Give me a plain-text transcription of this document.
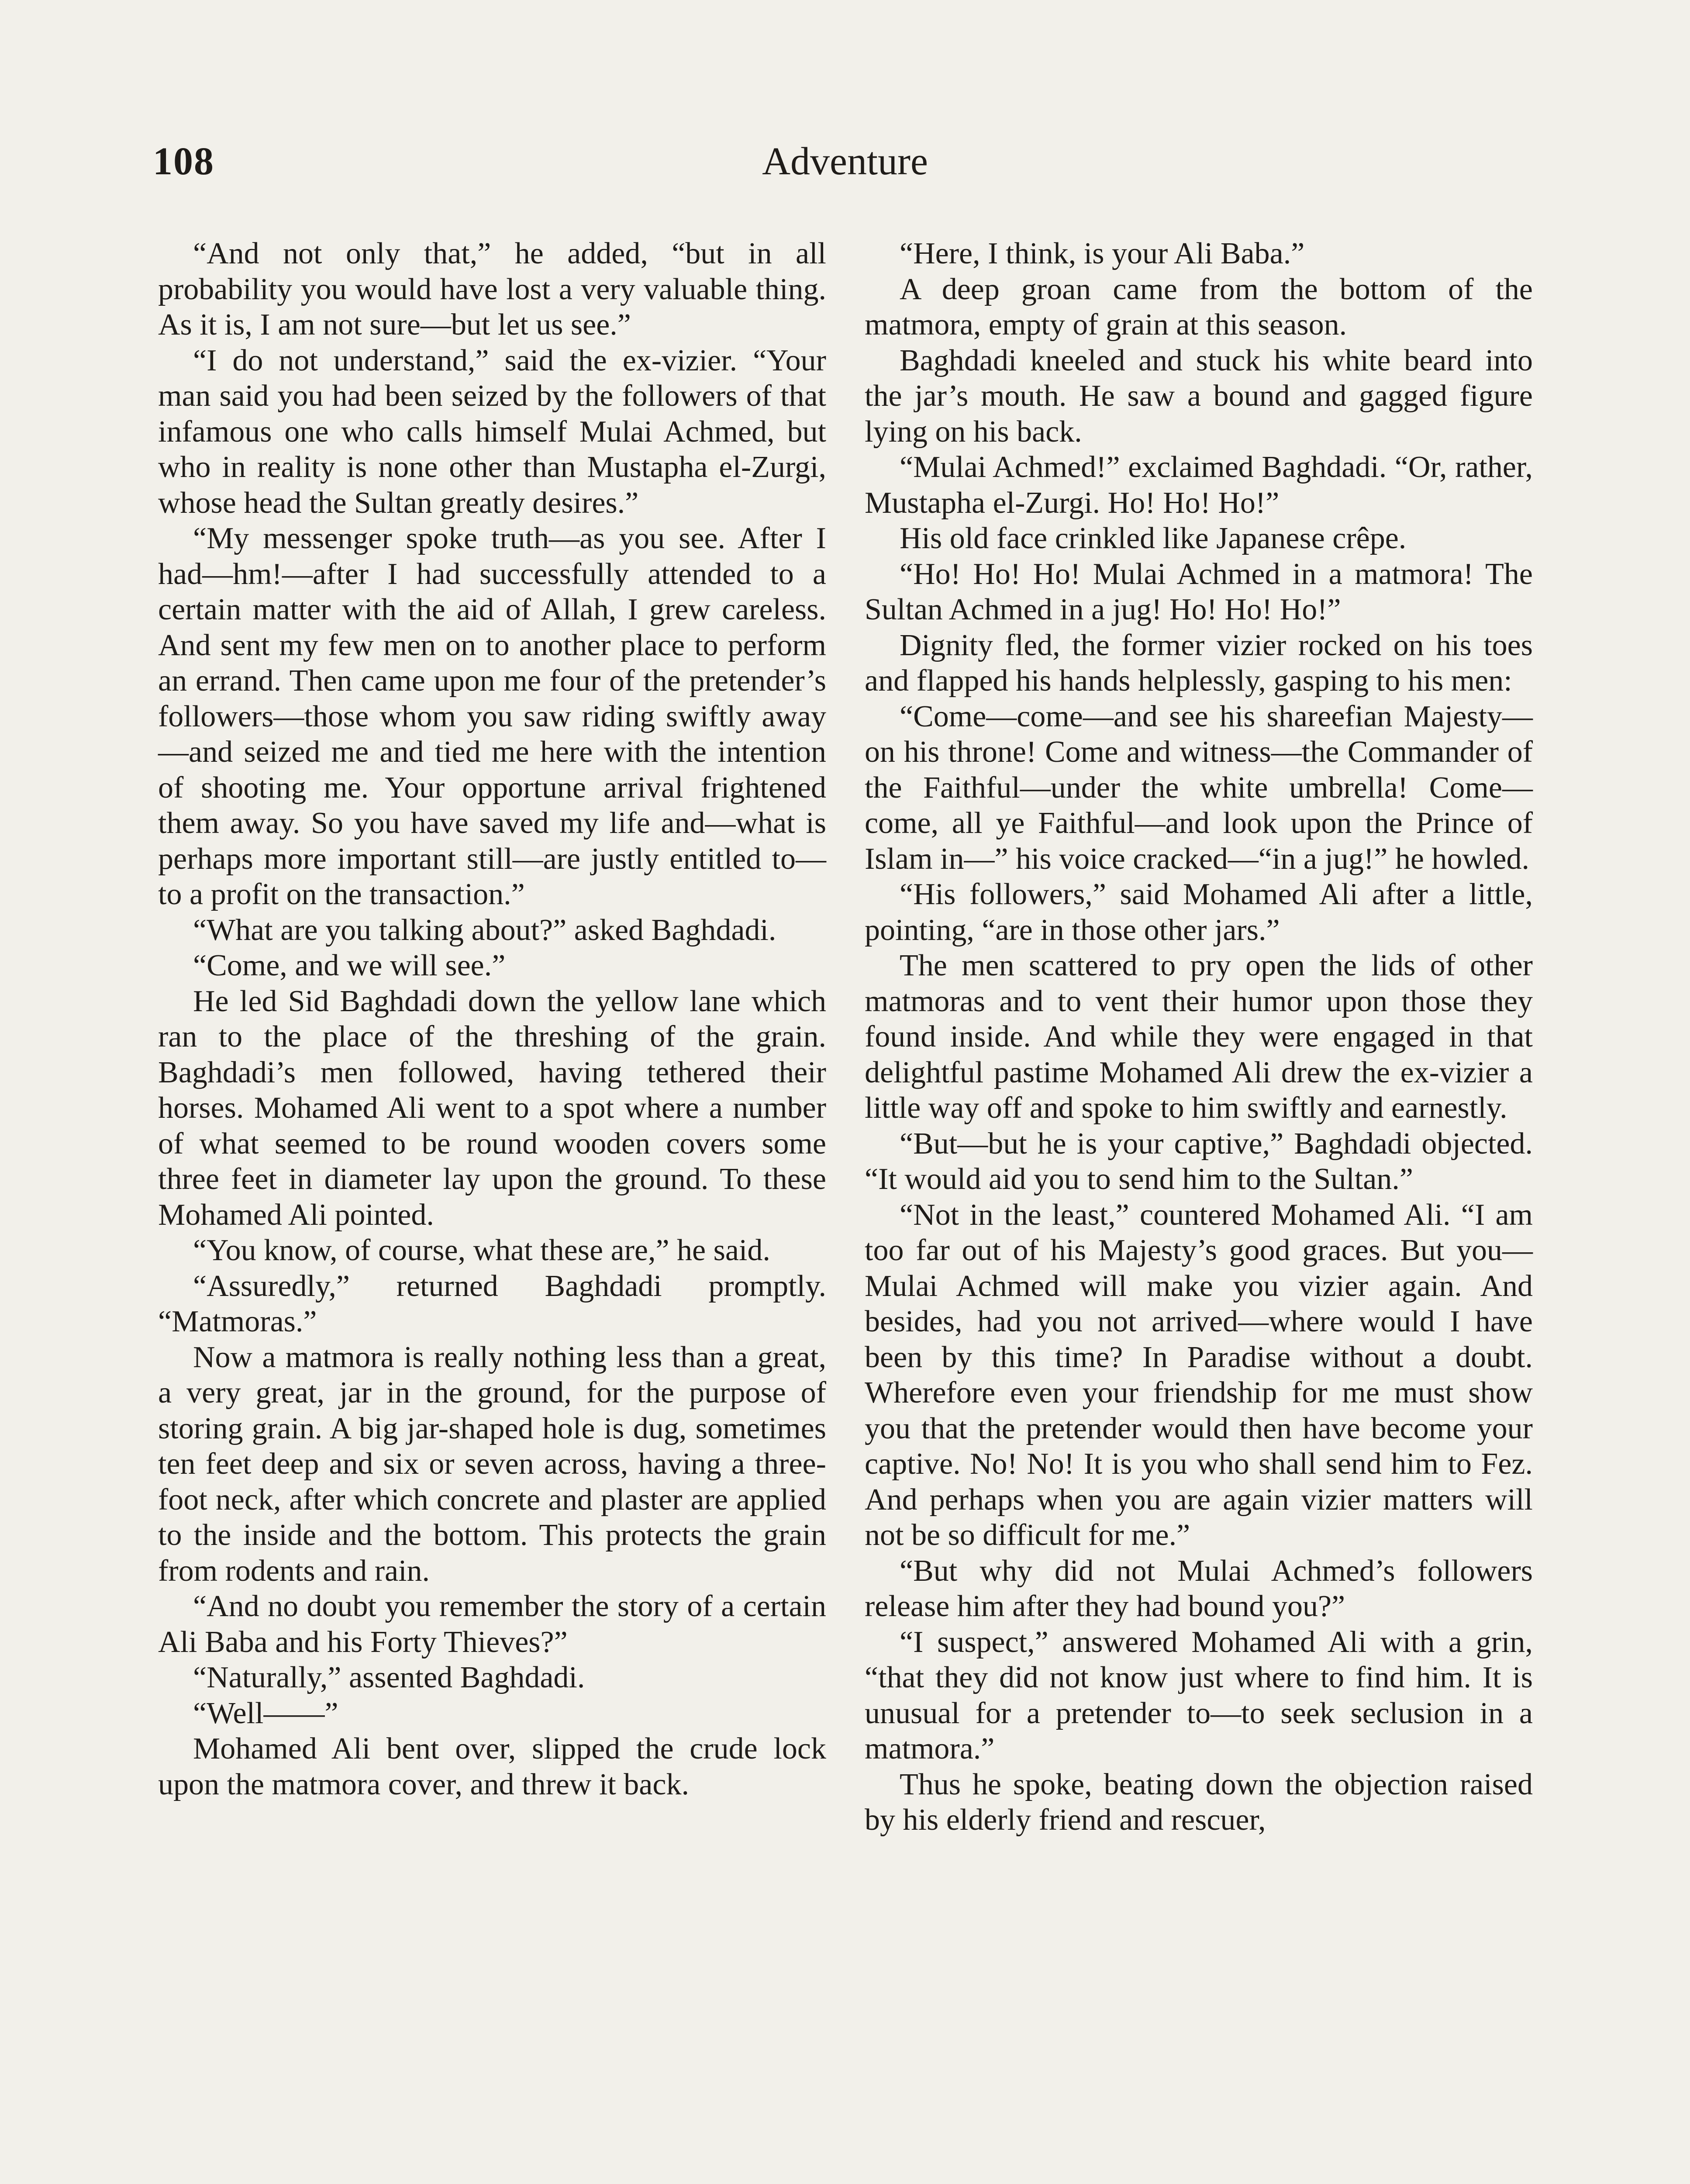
108	Adventure

“And not only that,” he added, “but in all probability you would have lost a very valuable thing. As it is, I am not sure—but let us see.”

“I do not understand,” said the ex-vizier. “Your man said you had been seized by the followers of that infamous one who calls himself Mulai Achmed, but who in reality is none other than Mustapha el-Zurgi, whose head the Sultan greatly desires.”

“My messenger spoke truth—as you see. After I had—hm!—after I had successfully attended to a certain matter with the aid of Allah, I grew careless. And sent my few men on to another place to perform an errand. Then came upon me four of the pretender’s followers—those whom you saw riding swiftly away—and seized me and tied me here with the intention of shooting me. Your opportune arrival frightened them away. So you have saved my life and—what is perhaps more important still—are justly entitled to—to a profit on the transaction.”

“What are you talking about?” asked Baghdadi.

“Come, and we will see.”

He led Sid Baghdadi down the yellow lane which ran to the place of the threshing of the grain. Baghdadi’s men followed, having tethered their horses. Mohamed Ali went to a spot where a number of what seemed to be round wooden covers some three feet in diameter lay upon the ground. To these Mohamed Ali pointed.

“You know, of course, what these are,” he said.

“Assuredly,” returned Baghdadi promptly. “Matmoras.”

Now a matmora is really nothing less than a great, a very great, jar in the ground, for the purpose of storing grain. A big jar-shaped hole is dug, sometimes ten feet deep and six or seven across, having a three-foot neck, after which concrete and plaster are applied to the inside and the bottom. This protects the grain from rodents and rain.

“And no doubt you remember the story of a certain Ali Baba and his Forty Thieves?”

“Naturally,” assented Baghdadi.

“Well——”

Mohamed Ali bent over, slipped the crude lock upon the matmora cover, and threw it back.

“Here, I think, is your Ali Baba.”

A deep groan came from the bottom of the matmora, empty of grain at this season.

Baghdadi kneeled and stuck his white beard into the jar’s mouth. He saw a bound and gagged figure lying on his back.

“Mulai Achmed!” exclaimed Baghdadi. “Or, rather, Mustapha el-Zurgi. Ho! Ho! Ho!”

His old face crinkled like Japanese crêpe.

“Ho! Ho! Ho! Mulai Achmed in a matmora! The Sultan Achmed in a jug! Ho! Ho! Ho!”

Dignity fled, the former vizier rocked on his toes and flapped his hands helplessly, gasping to his men:

“Come—come—and see his shareefian Majesty—on his throne! Come and witness—the Commander of the Faithful—under the white umbrella! Come—come, all ye Faithful—and look upon the Prince of Islam in—” his voice cracked—“in a jug!” he howled.

“His followers,” said Mohamed Ali after a little, pointing, “are in those other jars.”

The men scattered to pry open the lids of other matmoras and to vent their humor upon those they found inside. And while they were engaged in that delightful pastime Mohamed Ali drew the ex-vizier a little way off and spoke to him swiftly and earnestly.

“But—but he is your captive,” Baghdadi objected. “It would aid you to send him to the Sultan.”

“Not in the least,” countered Mohamed Ali. “I am too far out of his Majesty’s good graces. But you—Mulai Achmed will make you vizier again. And besides, had you not arrived—where would I have been by this time? In Paradise without a doubt. Wherefore even your friendship for me must show you that the pretender would then have become your captive. No! No! It is you who shall send him to Fez. And perhaps when you are again vizier matters will not be so difficult for me.”

“But why did not Mulai Achmed’s followers release him after they had bound you?”

“I suspect,” answered Mohamed Ali with a grin, “that they did not know just where to find him. It is unusual for a pretender to—to seek seclusion in a matmora.”

Thus he spoke, beating down the objection raised by his elderly friend and rescuer,
